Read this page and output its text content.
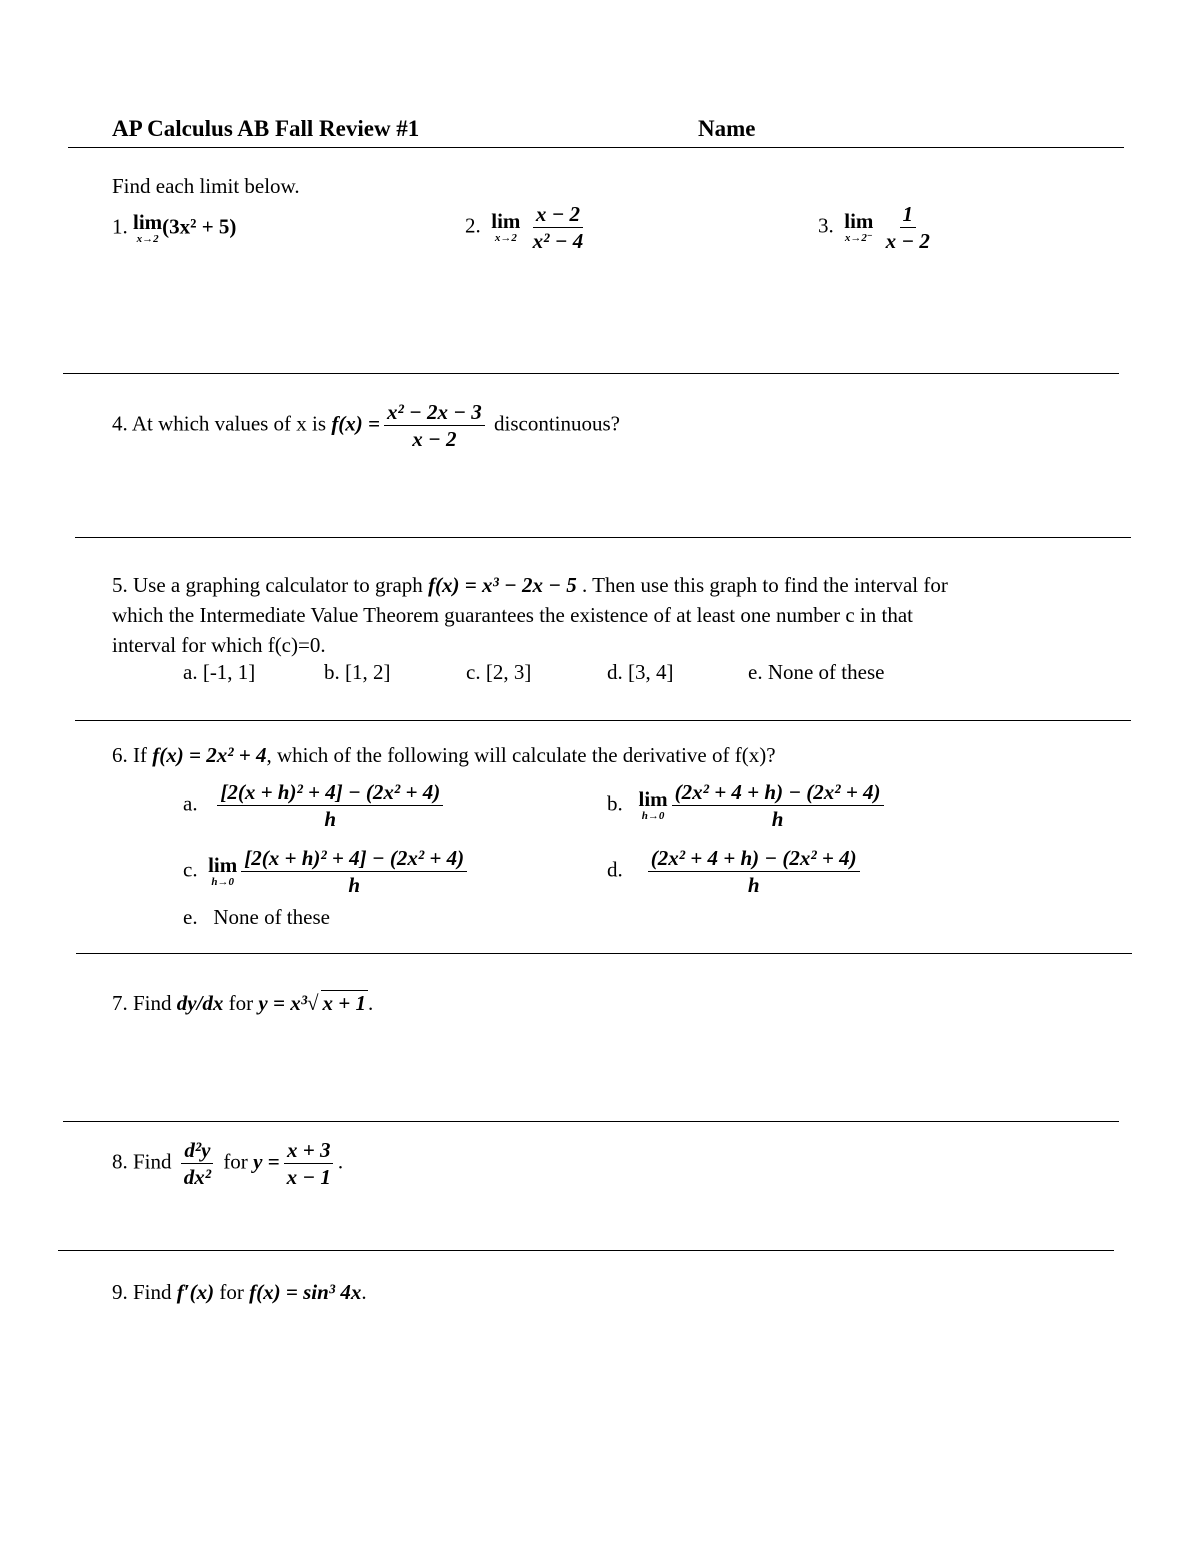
AP Calculus AB Fall Review #1	Name
Find each limit below.
1. lim
x→2
(3x² + 5)	2. lim
x→2
$\frac{x - 2}{\text{x² − 4}}$	3. lim
x→2⁻
$\frac{1}{x - 2}$
4. At which values of x is $f(x) = \frac{\text{x² − 2x − 3}}{x - 2}$ discontinuous?
5. Use a graphing calculator to graph f(x) = x³ − 2x − 5 . Then use this graph to find the interval for
which the Intermediate Value Theorem guarantees the existence of at least one number c in that
interval for which f(c)=0.
a. [-1, 1]	b. [1, 2]	c. [2, 3]	d. [3, 4]	e. None of these
6. If f(x) = 2x² + 4, which of the following will calculate the derivative of f(x)?
a. $\frac{\text{[2(x + h)² + 4] − (2x² + 4)}}{h}$	b. lim
$h\to 0 \frac{\text{(2x² + 4 + h) − (2x² + 4)}}{h}$
c. lim
$h\to 0 \frac{\text{[2(x + h)² + 4] − (2x² + 4)}}{h}$	d. $\frac{\text{(2x² + 4 + h) − (2x² + 4)}}{h}$
e. None of these
7. Find dy/dx for y = x³√ x + 1.
8. Find $\frac{\text{d²y}}{\text{dx²}}$ for $y = \frac{x + 3}{x - 1}$ .
9. Find f′(x) for f(x) = sin³ 4x.
